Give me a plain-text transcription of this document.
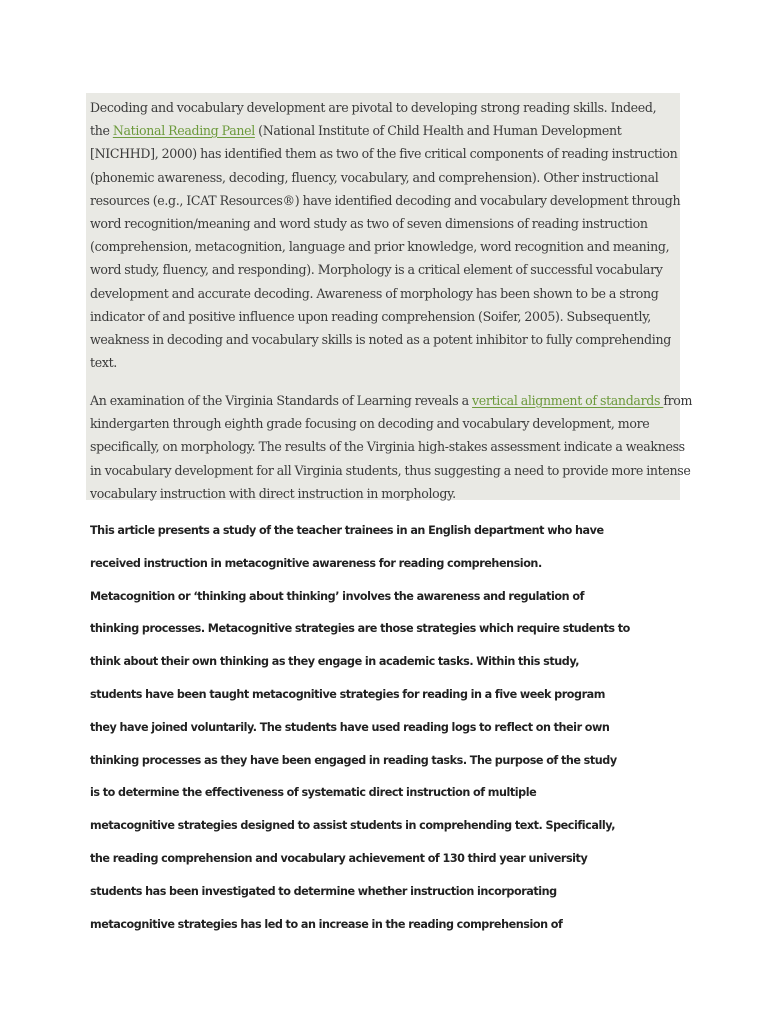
Decoding and vocabulary development are pivotal to developing strong reading skills. Indeed,
the National Reading Panel (National Institute of Child Health and Human Development
[NICHHD], 2000) has identified them as two of the five critical components of reading instruction
(phonemic awareness, decoding, fluency, vocabulary, and comprehension). Other instructional
resources (e.g., ICAT Resources®) have identified decoding and vocabulary development through
word recognition/meaning and word study as two of seven dimensions of reading instruction
(comprehension, metacognition, language and prior knowledge, word recognition and meaning,
word study, fluency, and responding). Morphology is a critical element of successful vocabulary
development and accurate decoding. Awareness of morphology has been shown to be a strong
indicator of and positive influence upon reading comprehension (Soifer, 2005). Subsequently,
weakness in decoding and vocabulary skills is noted as a potent inhibitor to fully comprehending
text.

An examination of the Virginia Standards of Learning reveals a vertical alignment of standards from
kindergarten through eighth grade focusing on decoding and vocabulary development, more
specifically, on morphology. The results of the Virginia high-stakes assessment indicate a weakness
in vocabulary development for all Virginia students, thus suggesting a need to provide more intense
vocabulary instruction with direct instruction in morphology.

This article presents a study of the teacher trainees in an English department who have
received instruction in metacognitive awareness for reading comprehension.
Metacognition or ‘thinking about thinking’ involves the awareness and regulation of
thinking processes. Metacognitive strategies are those strategies which require students to
think about their own thinking as they engage in academic tasks. Within this study,
students have been taught metacognitive strategies for reading in a five week program
they have joined voluntarily. The students have used reading logs to reflect on their own
thinking processes as they have been engaged in reading tasks. The purpose of the study
is to determine the effectiveness of systematic direct instruction of multiple
metacognitive strategies designed to assist students in comprehending text. Specifically,
the reading comprehension and vocabulary achievement of 130 third year university
students has been investigated to determine whether instruction incorporating
metacognitive strategies has led to an increase in the reading comprehension of
